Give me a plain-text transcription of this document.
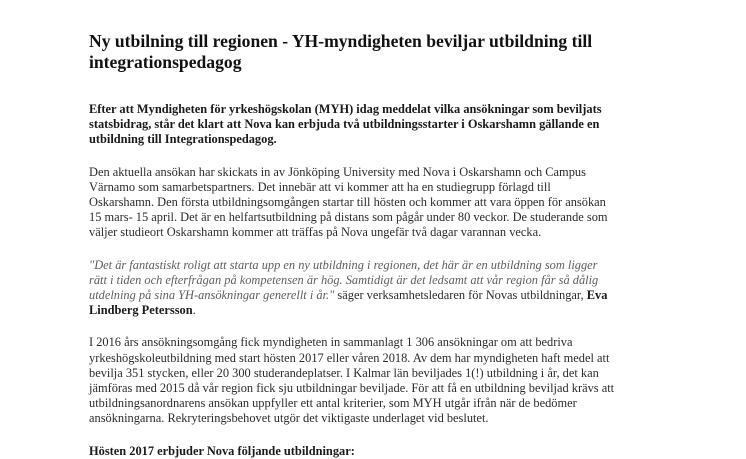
Ny utbilning till regionen - YH-myndigheten beviljar utbildning till
integrationspedagog

Efter att Myndigheten för yrkeshögskolan (MYH) idag meddelat vilka ansökningar som beviljats
statsbidrag, står det klart att Nova kan erbjuda två utbildningsstarter i Oskarshamn gällande en
utbildning till Integrationspedagog.

Den aktuella ansökan har skickats in av Jönköping University med Nova i Oskarshamn och Campus
Värnamo som samarbetspartners. Det innebär att vi kommer att ha en studiegrupp förlagd till
Oskarshamn. Den första utbildningsomgången startar till hösten och kommer att vara öppen för ansökan
15 mars- 15 april. Det är en helfartsutbildning på distans som pågår under 80 veckor. De studerande som
väljer studieort Oskarshamn kommer att träffas på Nova ungefär två dagar varannan vecka.

"Det är fantastiskt roligt att starta upp en ny utbildning i regionen, det här är en utbildning som ligger
rätt i tiden och efterfrågan på kompetensen är hög. Samtidigt är det ledsamt att vår region får så dålig
utdelning på sina YH-ansökningar generellt i år." säger verksamhetsledaren för Novas utbildningar, Eva
Lindberg Petersson.

I 2016 års ansökningsomgång fick myndigheten in sammanlagt 1 306 ansökningar om att bedriva
yrkeshögskoleutbildning med start hösten 2017 eller våren 2018. Av dem har myndigheten haft medel att
bevilja 351 stycken, eller 20 300 studerandeplatser. I Kalmar län beviljades 1(!) utbildning i år, det kan
jämföras med 2015 då vår region fick sju utbildningar beviljade. För att få en utbildning beviljad krävs att
utbildningsanordnarens ansökan uppfyller ett antal kriterier, som MYH utgår ifrån när de bedömer
ansökningarna. Rekryteringsbehovet utgör det viktigaste underlaget vid beslutet.

Hösten 2017 erbjuder Nova följande utbildningar:
